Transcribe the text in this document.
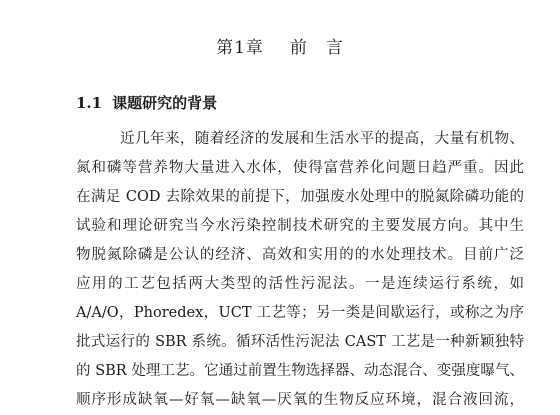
第1章 前　言
1.1 课题研究的背景
近几年来，随着经济的发展和生活水平的提高，大量有机物、
氮和磷等营养物大量进入水体，使得富营养化问题日趋严重。因此
在满足 COD 去除效果的前提下，加强废水处理中的脱氮除磷功能的
试验和理论研究当今水污染控制技术研究的主要发展方向。其中生
物脱氮除磷是公认的经济、高效和实用的的水处理技术。目前广泛
应用的工艺包括两大类型的活性污泥法。一是连续运行系统，如
A/A/O，Phoredex，UCT 工艺等；另一类是间歇运行，或称之为序
批式运行的 SBR 系统。循环活性污泥法 CAST 工艺是一种新颖独特
的 SBR 处理工艺。它通过前置生物选择器、动态混合、变强度曝气、
顺序形成缺氧—好氧—缺氧—厌氧的生物反应环境，混合液回流，
